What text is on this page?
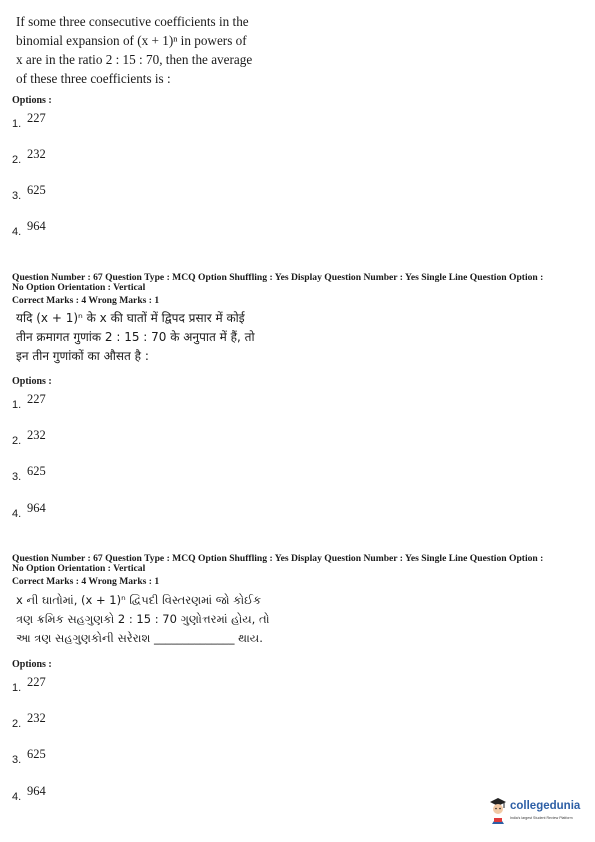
If some three consecutive coefficients in the
binomial expansion of (x + 1)ⁿ in powers of
x are in the ratio 2 : 15 : 70, then the average
of these three coefficients is :
Options :
1. 227
2. 232
3. 625
4. 964
Question Number : 67 Question Type : MCQ Option Shuffling : Yes Display Question Number : Yes Single Line Question Option :
No Option Orientation : Vertical
Correct Marks : 4 Wrong Marks : 1
यदि (x + 1)ⁿ के x की घातों में द्विपद प्रसार में कोई
तीन क्रमागत गुणांक 2 : 15 : 70 के अनुपात में हैं, तो
इन तीन गुणांकों का औसत है :
Options :
1. 227
2. 232
3. 625
4. 964
Question Number : 67 Question Type : MCQ Option Shuffling : Yes Display Question Number : Yes Single Line Question Option :
No Option Orientation : Vertical
Correct Marks : 4 Wrong Marks : 1
x ની ઘાતોમાં, (x + 1)ⁿ દ્વિપદી વિસ્તરણમાં જો કોઈક
ત્રણ ક્રમિક સહગુણકો 2 : 15 : 70 ગુણોત્તરમાં હોય, તો
આ ત્રણ સહગુણકોની સરેરાશ ______________ થાય.
Options :
1. 227
2. 232
3. 625
4. 964
collegedunia
India's largest Student Review Platform
